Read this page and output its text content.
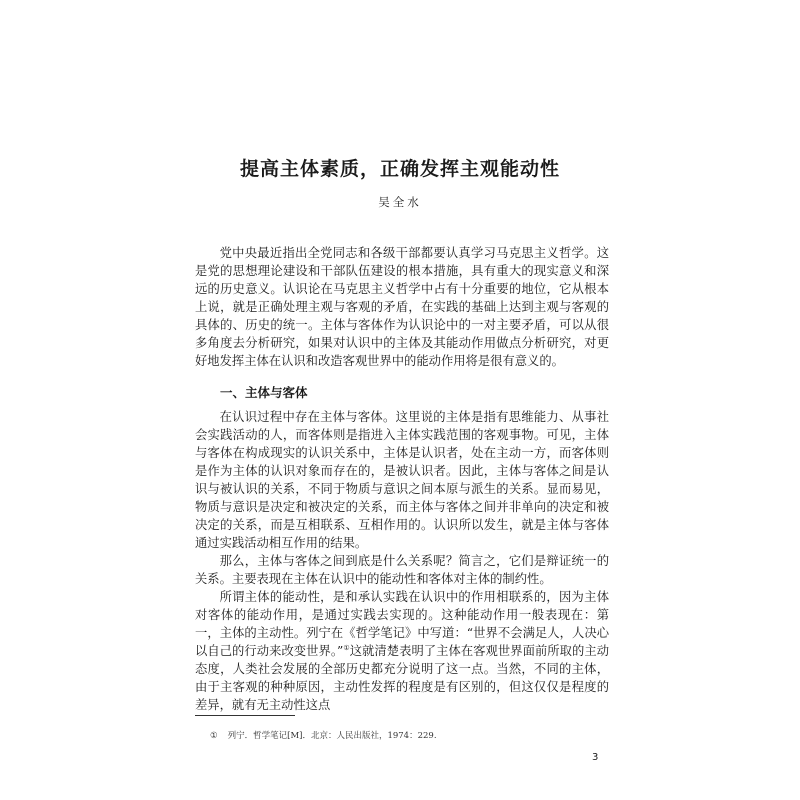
提高主体素质，正确发挥主观能动性
吴全水

党中央最近指出全党同志和各级干部都要认真学习马克思主义哲学。这是党的思想理论建设和干部队伍建设的根本措施，具有重大的现实意义和深远的历史意义。认识论在马克思主义哲学中占有十分重要的地位，它从根本上说，就是正确处理主观与客观的矛盾，在实践的基础上达到主观与客观的具体的、历史的统一。主体与客体作为认识论中的一对主要矛盾，可以从很多角度去分析研究，如果对认识中的主体及其能动作用做点分析研究，对更好地发挥主体在认识和改造客观世界中的能动作用将是很有意义的。

一、主体与客体

在认识过程中存在主体与客体。这里说的主体是指有思维能力、从事社会实践活动的人，而客体则是指进入主体实践范围的客观事物。可见，主体与客体在构成现实的认识关系中，主体是认识者，处在主动一方，而客体则是作为主体的认识对象而存在的，是被认识者。因此，主体与客体之间是认识与被认识的关系，不同于物质与意识之间本原与派生的关系。显而易见，物质与意识是决定和被决定的关系，而主体与客体之间并非单向的决定和被决定的关系，而是互相联系、互相作用的。认识所以发生，就是主体与客体通过实践活动相互作用的结果。

那么，主体与客体之间到底是什么关系呢？简言之，它们是辩证统一的关系。主要表现在主体在认识中的能动性和客体对主体的制约性。

所谓主体的能动性，是和承认实践在认识中的作用相联系的，因为主体对客体的能动作用，是通过实践去实现的。这种能动作用一般表现在：第一，主体的主动性。列宁在《哲学笔记》中写道：“世界不会满足人，人决心以自己的行动来改变世界。”①这就清楚表明了主体在客观世界面前所取的主动态度，人类社会发展的全部历史都充分说明了这一点。当然，不同的主体，由于主客观的种种原因，主动性发挥的程度是有区别的，但这仅仅是程度的差异，就有无主动性这点

① 列宁．哲学笔记[M]．北京：人民出版社，1974：229.
3
